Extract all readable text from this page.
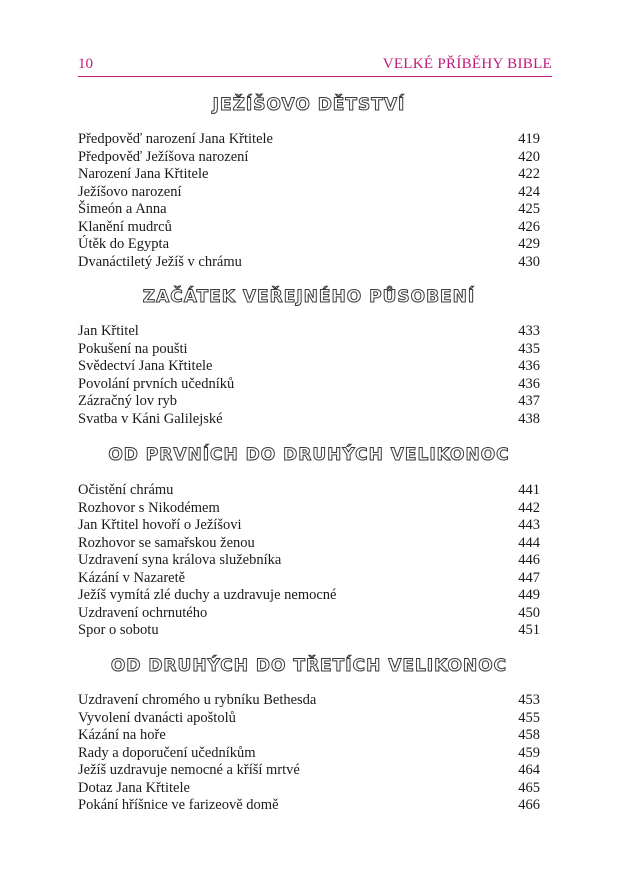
10	VELKÉ PŘÍBĚHY BIBLE
JEŽÍŠOVO DĚTSTVÍ
Předpověď narození Jana Křtitele	419
Předpověď Ježíšova narození	420
Narození Jana Křtitele	422
Ježíšovo narození	424
Šimeón a Anna	425
Klanění mudrců	426
Útěk do Egypta	429
Dvanáctiletý Ježíš v chrámu	430
ZAČÁTEK VEŘEJNÉHO PŮSOBENÍ
Jan Křtitel	433
Pokušení na poušti	435
Svědectví Jana Křtitele	436
Povolání prvních učedníků	436
Zázračný lov ryb	437
Svatba v Káni Galilejské	438
OD PRVNÍCH DO DRUHÝCH VELIKONOC
Očistění chrámu	441
Rozhovor s Nikodémem	442
Jan Křtitel hovoří o Ježíšovi	443
Rozhovor se samařskou ženou	444
Uzdravení syna králova služebníka	446
Kázání v Nazaretě	447
Ježíš vymítá zlé duchy a uzdravuje nemocné	449
Uzdravení ochrnutého	450
Spor o sobotu	451
OD DRUHÝCH DO TŘETÍCH VELIKONOC
Uzdravení chromého u rybníku Bethesda	453
Vyvolení dvanácti apoštolů	455
Kázání na hoře	458
Rady a doporučení učedníkům	459
Ježíš uzdravuje nemocné a kříší mrtvé	464
Dotaz Jana Křtitele	465
Pokání hříšnice ve farizeově domě	466
